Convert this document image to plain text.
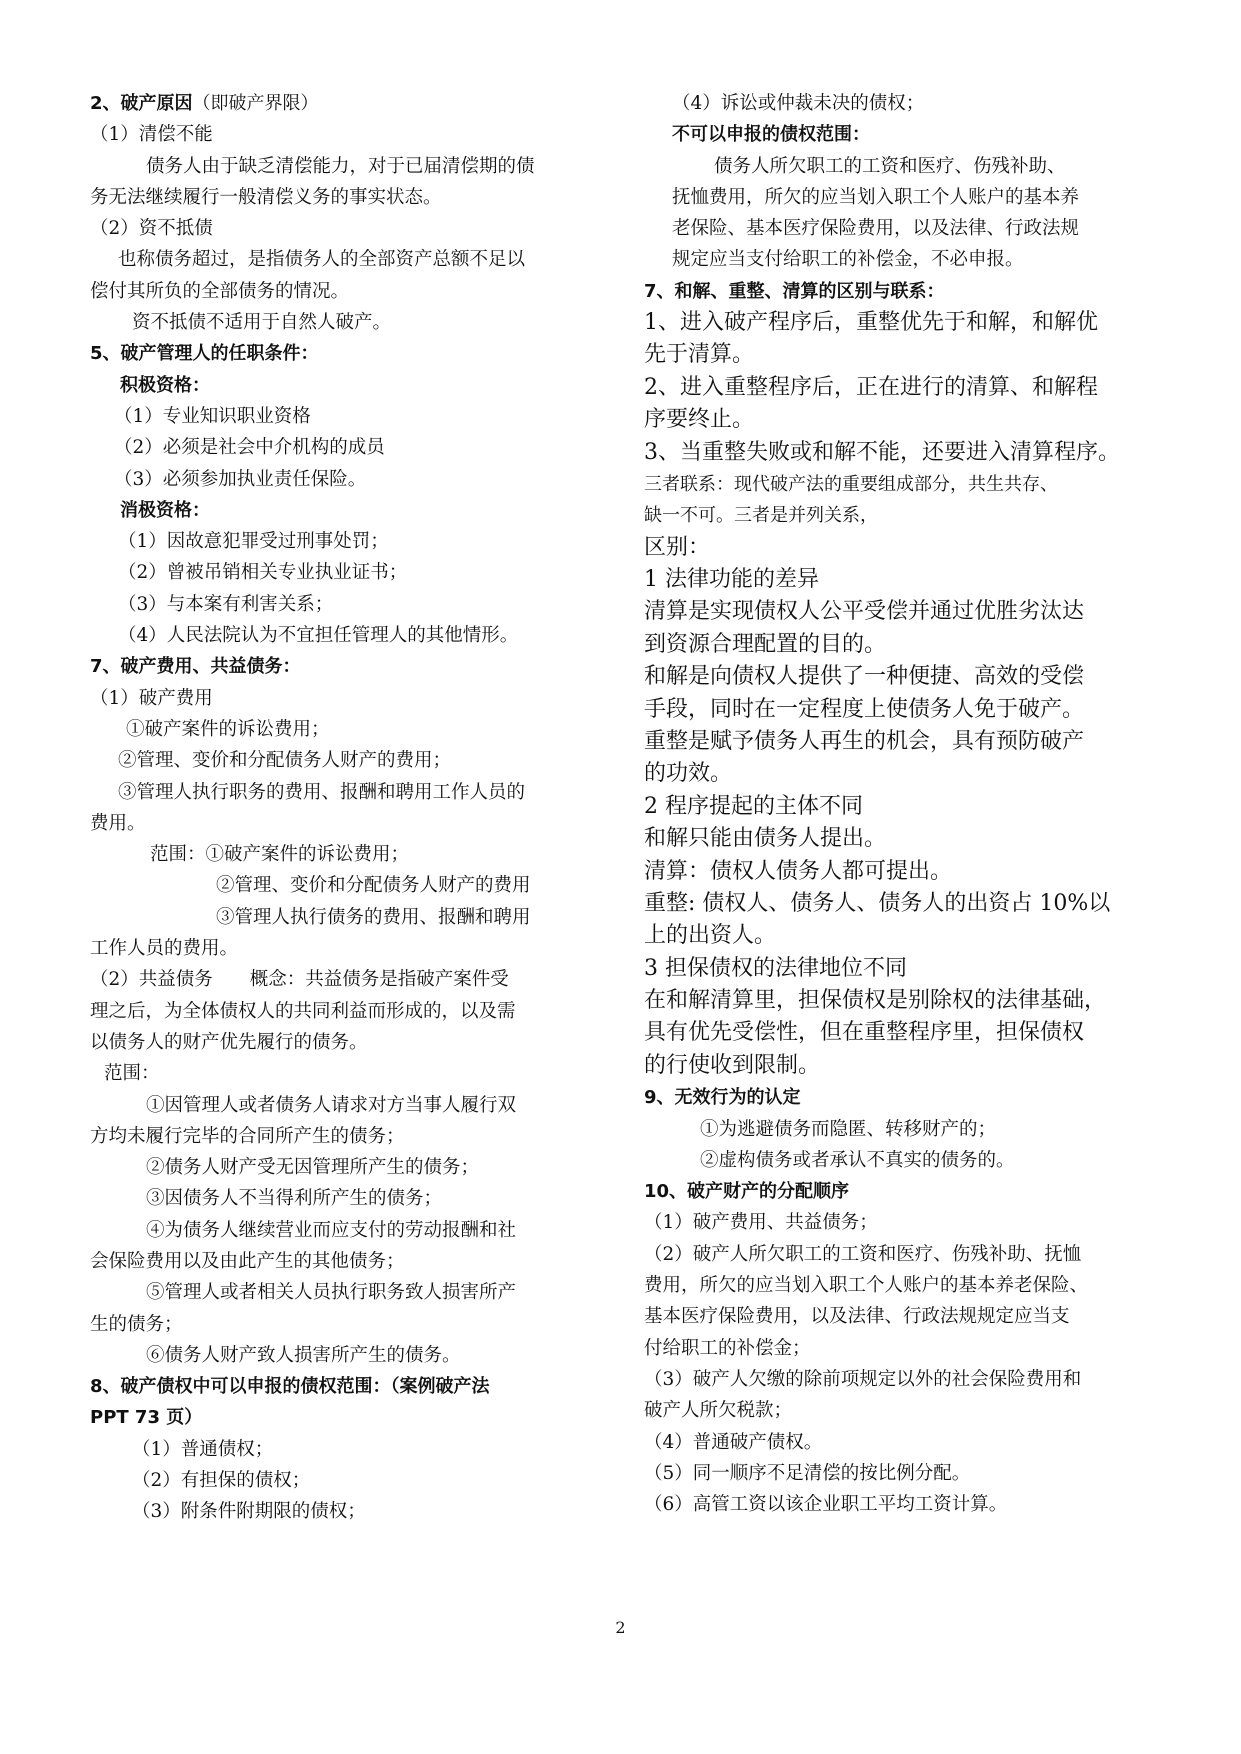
2、破产原因（即破产界限）
（1）清偿不能
债务人由于缺乏清偿能力，对于已届清偿期的债
务无法继续履行一般清偿义务的事实状态。
（2）资不抵债
也称债务超过，是指债务人的全部资产总额不足以
偿付其所负的全部债务的情况。
资不抵债不适用于自然人破产。
5、破产管理人的任职条件：
积极资格：
（1）专业知识职业资格
（2）必须是社会中介机构的成员
（3）必须参加执业责任保险。
消极资格：
（1）因故意犯罪受过刑事处罚；
（2）曾被吊销相关专业执业证书；
（3）与本案有利害关系；
（4）人民法院认为不宜担任管理人的其他情形。
7、破产费用、共益债务：
（1）破产费用
①破产案件的诉讼费用；
②管理、变价和分配债务人财产的费用；
③管理人执行职务的费用、报酬和聘用工作人员的
费用。
范围：①破产案件的诉讼费用；
②管理、变价和分配债务人财产的费用
③管理人执行债务的费用、报酬和聘用
工作人员的费用。
（2）共益债务　　概念：共益债务是指破产案件受
理之后，为全体债权人的共同利益而形成的，以及需
以债务人的财产优先履行的债务。
范围：
①因管理人或者债务人请求对方当事人履行双
方均未履行完毕的合同所产生的债务；
②债务人财产受无因管理所产生的债务；
③因债务人不当得利所产生的债务；
④为债务人继续营业而应支付的劳动报酬和社
会保险费用以及由此产生的其他债务；
⑤管理人或者相关人员执行职务致人损害所产
生的债务；
⑥债务人财产致人损害所产生的债务。
8、破产债权中可以申报的债权范围：（案例破产法
PPT 73 页）
（1）普通债权；
（2）有担保的债权；
（3）附条件附期限的债权；
（4）诉讼或仲裁未决的债权；
不可以申报的债权范围：
债务人所欠职工的工资和医疗、伤残补助、
抚恤费用，所欠的应当划入职工个人账户的基本养
老保险、基本医疗保险费用，以及法律、行政法规
规定应当支付给职工的补偿金，不必申报。
7、和解、重整、清算的区别与联系：
1、进入破产程序后，重整优先于和解，和解优
先于清算。
2、进入重整程序后，正在进行的清算、和解程
序要终止。
3、当重整失败或和解不能，还要进入清算程序。
三者联系：现代破产法的重要组成部分，共生共存、
缺一不可。三者是并列关系，
区别：
1 法律功能的差异
清算是实现债权人公平受偿并通过优胜劣汰达
到资源合理配置的目的。
和解是向债权人提供了一种便捷、高效的受偿
手段，同时在一定程度上使债务人免于破产。
重整是赋予债务人再生的机会，具有预防破产
的功效。
2 程序提起的主体不同
和解只能由债务人提出。
清算：债权人债务人都可提出。
重整: 债权人、债务人、债务人的出资占 10%以
上的出资人。
3 担保债权的法律地位不同
在和解清算里，担保债权是别除权的法律基础，
具有优先受偿性，但在重整程序里，担保债权
的行使收到限制。
9、无效行为的认定
①为逃避债务而隐匿、转移财产的；
②虚构债务或者承认不真实的债务的。
10、破产财产的分配顺序
（1）破产费用、共益债务；
（2）破产人所欠职工的工资和医疗、伤残补助、抚恤
费用，所欠的应当划入职工个人账户的基本养老保险、
基本医疗保险费用，以及法律、行政法规规定应当支
付给职工的补偿金；
（3）破产人欠缴的除前项规定以外的社会保险费用和
破产人所欠税款；
（4）普通破产债权。
（5）同一顺序不足清偿的按比例分配。
（6）高管工资以该企业职工平均工资计算。
2
